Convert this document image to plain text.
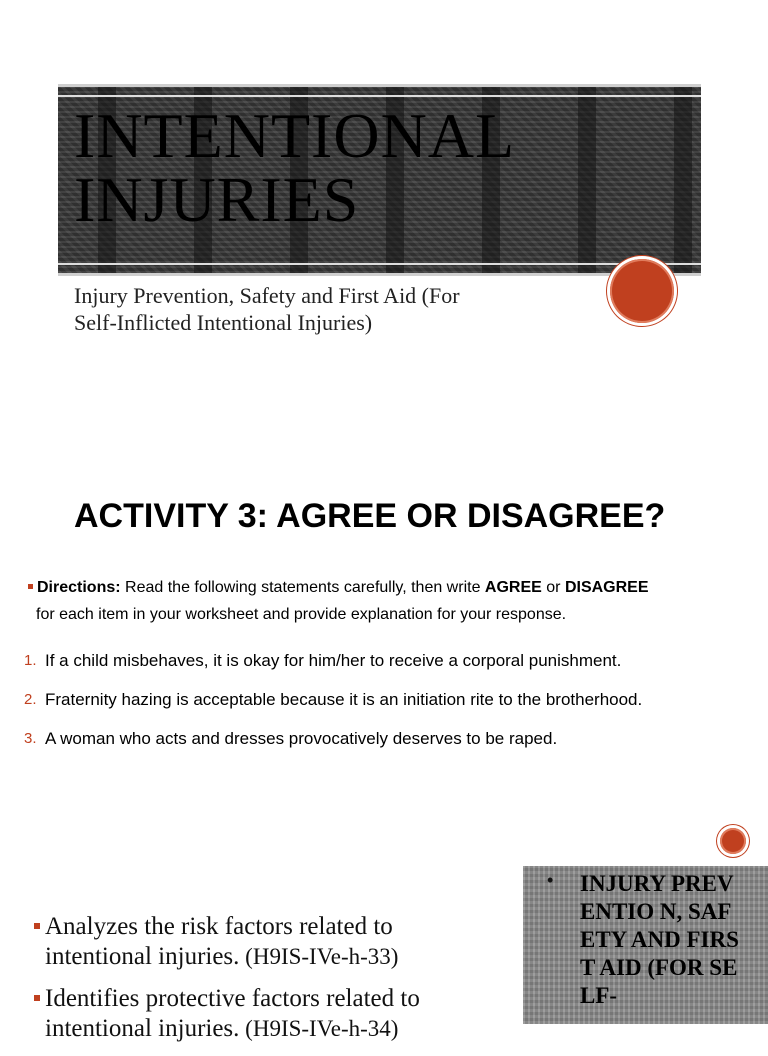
INTENTIONAL
INJURIES
Injury Prevention, Safety and First Aid (For
Self-Inflicted Intentional Injuries)
ACTIVITY 3: AGREE OR DISAGREE?
Directions: Read the following statements carefully, then write AGREE or DISAGREE
for each item in your worksheet and provide explanation for your response.
1. If a child misbehaves, it is okay for him/her to receive a corporal punishment.
2. Fraternity hazing is acceptable because it is an initiation rite to the brotherhood.
3. A woman who acts and dresses provocatively deserves to be raped.
Analyzes the risk factors related to intentional injuries. (H9IS-IVe-h-33)
Identifies protective factors related to intentional injuries. (H9IS-IVe-h-34)
• INJURY PREVENTIO N, SAFETY AND FIRST AID (FOR SELF-
